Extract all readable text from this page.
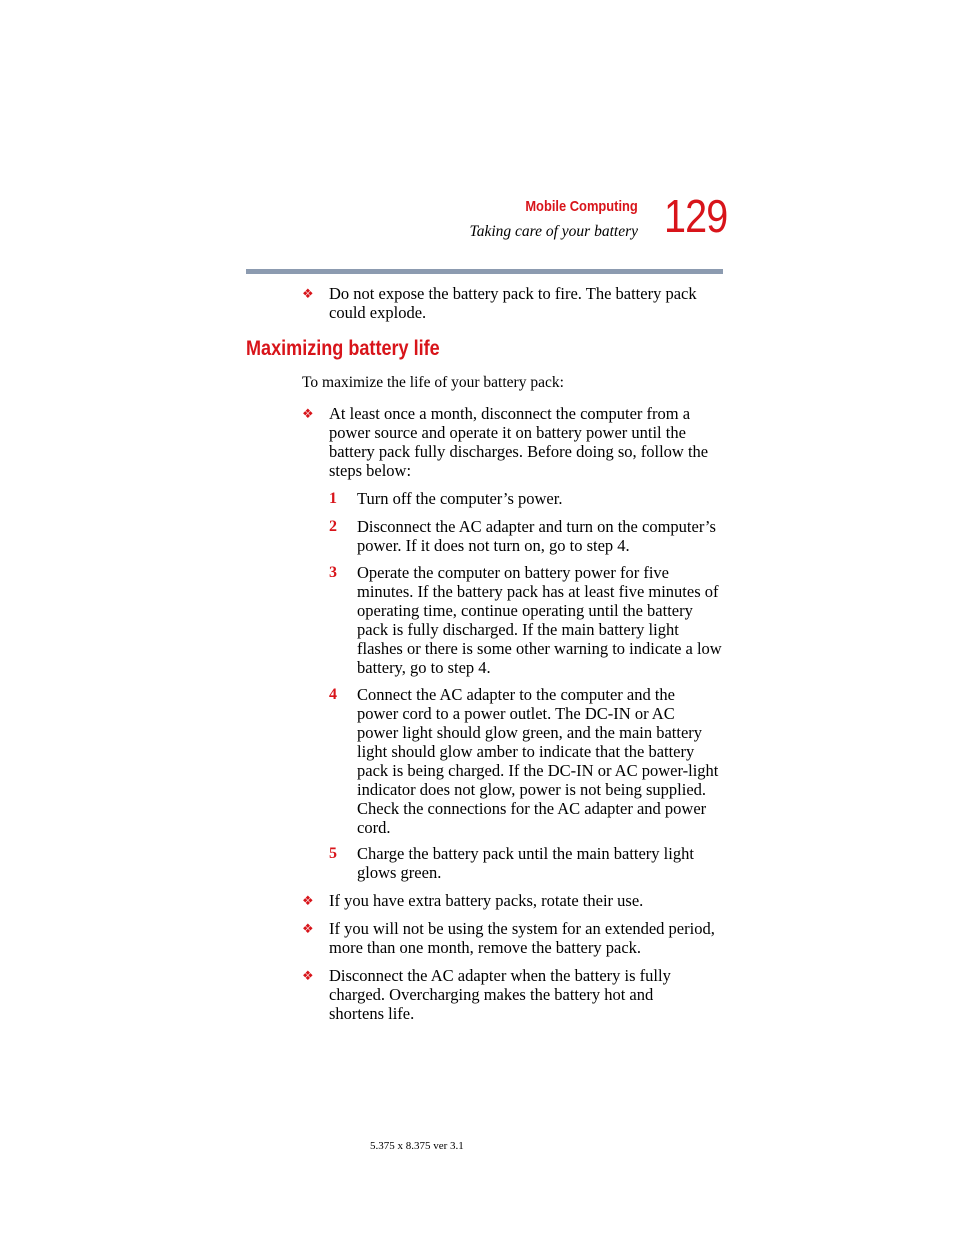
Mobile Computing
Taking care of your battery 129
❖ Do not expose the battery pack to fire. The battery pack could explode.
Maximizing battery life
To maximize the life of your battery pack:
❖ At least once a month, disconnect the computer from a power source and operate it on battery power until the battery pack fully discharges. Before doing so, follow the steps below:
1 Turn off the computer’s power.
2 Disconnect the AC adapter and turn on the computer’s power. If it does not turn on, go to step 4.
3 Operate the computer on battery power for five minutes. If the battery pack has at least five minutes of operating time, continue operating until the battery pack is fully discharged. If the main battery light flashes or there is some other warning to indicate a low battery, go to step 4.
4 Connect the AC adapter to the computer and the power cord to a power outlet. The DC-IN or AC power light should glow green, and the main battery light should glow amber to indicate that the battery pack is being charged. If the DC-IN or AC power-light indicator does not glow, power is not being supplied. Check the connections for the AC adapter and power cord.
5 Charge the battery pack until the main battery light glows green.
❖ If you have extra battery packs, rotate their use.
❖ If you will not be using the system for an extended period, more than one month, remove the battery pack.
❖ Disconnect the AC adapter when the battery is fully charged. Overcharging makes the battery hot and shortens life.
5.375 x 8.375 ver 3.1
